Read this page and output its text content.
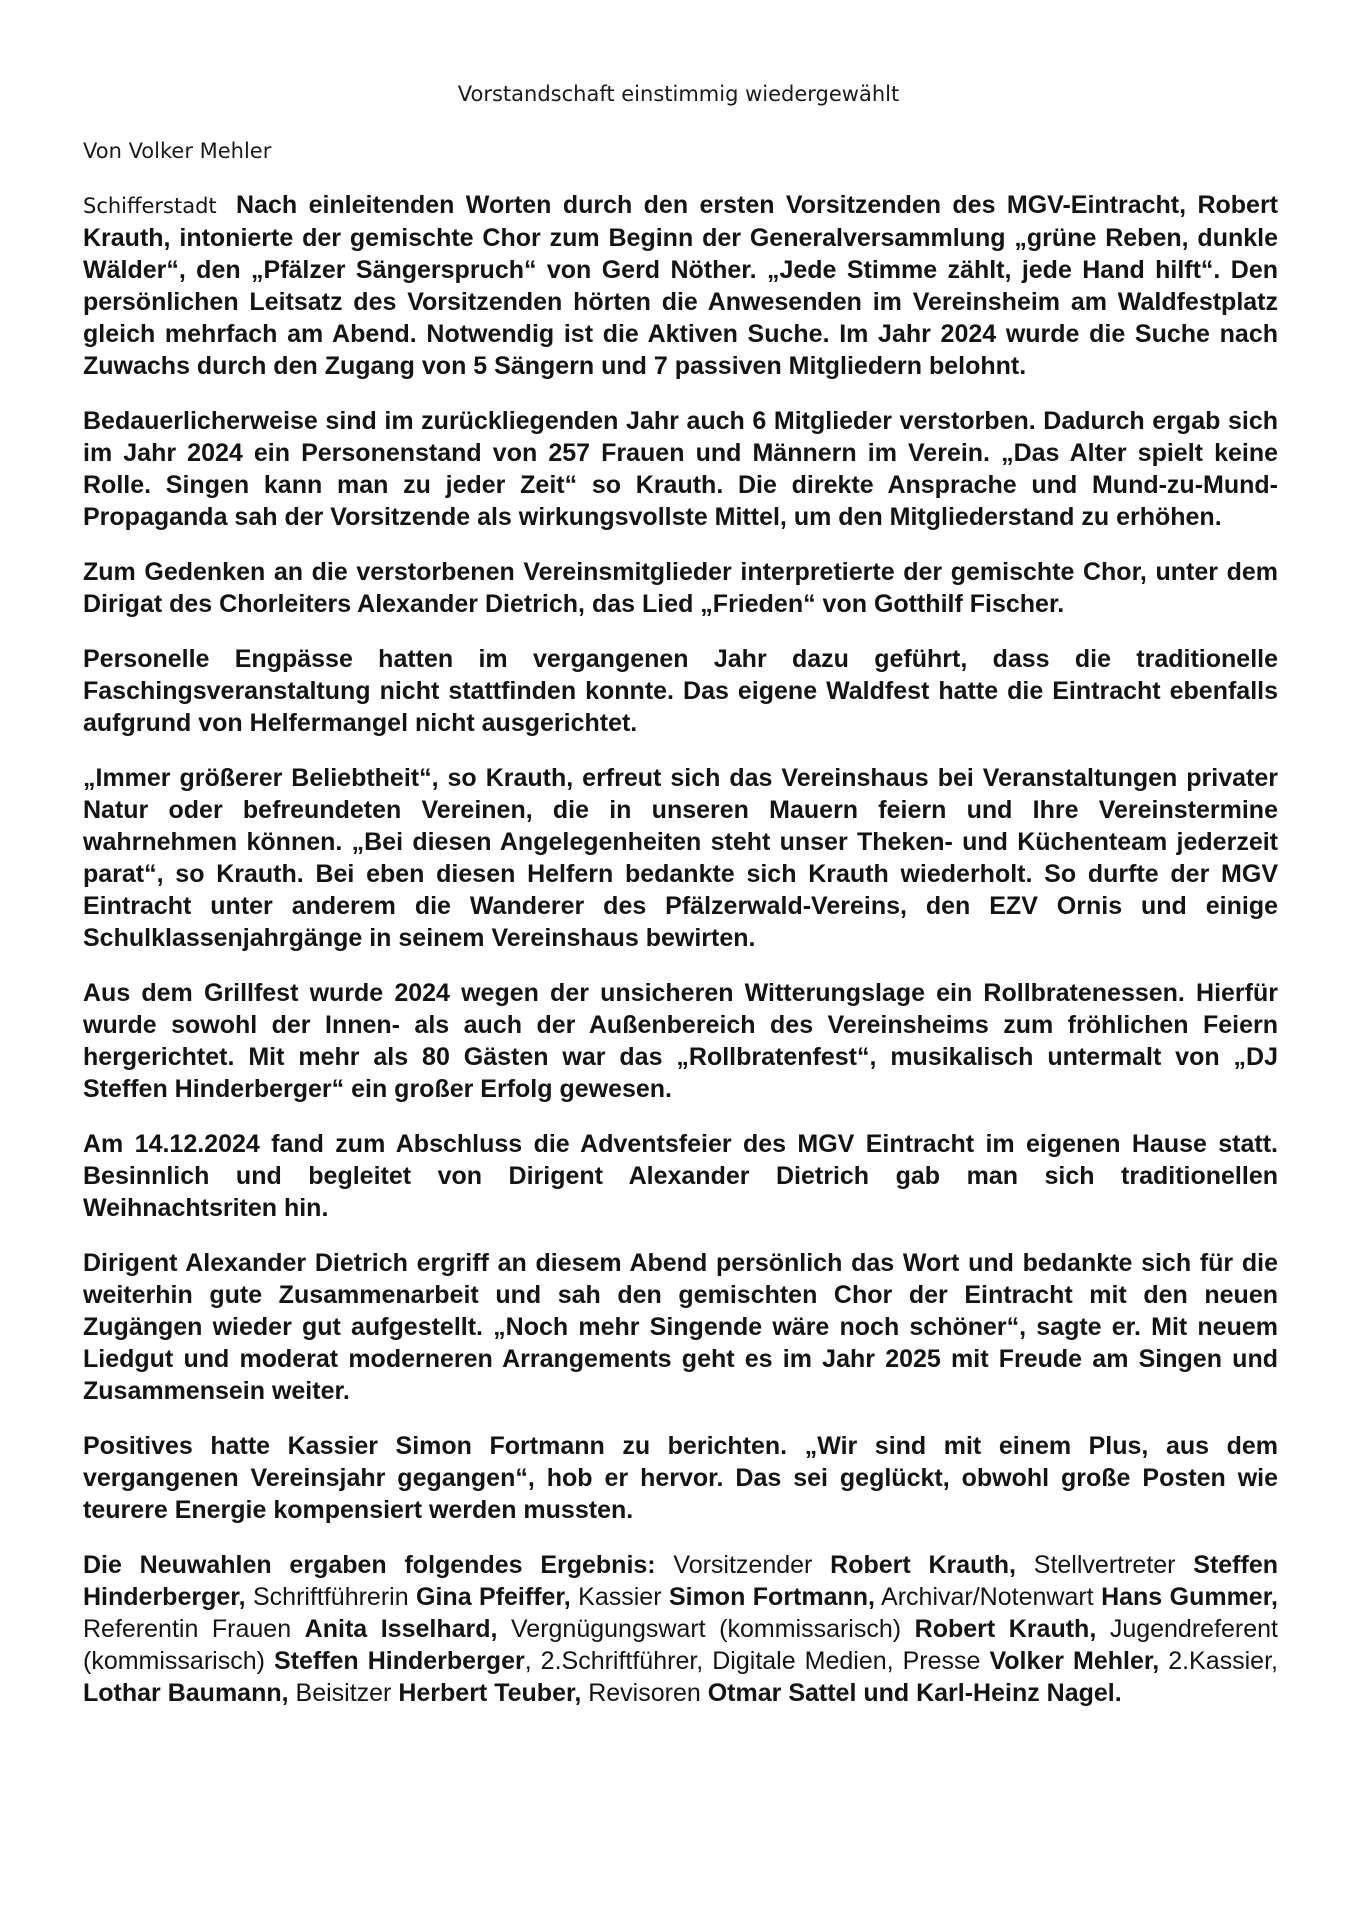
Vorstandschaft einstimmig wiedergewählt
Von Volker Mehler

Schifferstadt Nach einleitenden Worten durch den ersten Vorsitzenden des MGV-Eintracht, Robert Krauth, intonierte der gemischte Chor zum Beginn der Generalversammlung „grüne Reben, dunkle Wälder“, den „Pfälzer Sängerspruch“ von Gerd Nöther. „Jede Stimme zählt, jede Hand hilft“. Den persönlichen Leitsatz des Vorsitzenden hörten die Anwesenden im Vereinsheim am Waldfestplatz gleich mehrfach am Abend. Notwendig ist die Aktiven Suche. Im Jahr 2024 wurde die Suche nach Zuwachs durch den Zugang von 5 Sängern und 7 passiven Mitgliedern belohnt.

Bedauerlicherweise sind im zurückliegenden Jahr auch 6 Mitglieder verstorben. Dadurch ergab sich im Jahr 2024 ein Personenstand von 257 Frauen und Männern im Verein. „Das Alter spielt keine Rolle. Singen kann man zu jeder Zeit“ so Krauth. Die direkte Ansprache und Mund-zu-Mund-Propaganda sah der Vorsitzende als wirkungsvollste Mittel, um den Mitgliederstand zu erhöhen.

Zum Gedenken an die verstorbenen Vereinsmitglieder interpretierte der gemischte Chor, unter dem Dirigat des Chorleiters Alexander Dietrich, das Lied „Frieden“ von Gotthilf Fischer.

Personelle Engpässe hatten im vergangenen Jahr dazu geführt, dass die traditionelle Faschingsveranstaltung nicht stattfinden konnte. Das eigene Waldfest hatte die Eintracht ebenfalls aufgrund von Helfermangel nicht ausgerichtet.

„Immer größerer Beliebtheit“, so Krauth, erfreut sich das Vereinshaus bei Veranstaltungen privater Natur oder befreundeten Vereinen, die in unseren Mauern feiern und Ihre Vereinstermine wahrnehmen können. „Bei diesen Angelegenheiten steht unser Theken- und Küchenteam jederzeit parat“, so Krauth. Bei eben diesen Helfern bedankte sich Krauth wiederholt. So durfte der MGV Eintracht unter anderem die Wanderer des Pfälzerwald-Vereins, den EZV Ornis und einige Schulklassenjahrgänge in seinem Vereinshaus bewirten.

Aus dem Grillfest wurde 2024 wegen der unsicheren Witterungslage ein Rollbratenessen. Hierfür wurde sowohl der Innen- als auch der Außenbereich des Vereinsheims zum fröhlichen Feiern hergerichtet. Mit mehr als 80 Gästen war das „Rollbratenfest“, musikalisch untermalt von „DJ Steffen Hinderberger“ ein großer Erfolg gewesen.

Am 14.12.2024 fand zum Abschluss die Adventsfeier des MGV Eintracht im eigenen Hause statt. Besinnlich und begleitet von Dirigent Alexander Dietrich gab man sich traditionellen Weihnachtsriten hin.

Dirigent Alexander Dietrich ergriff an diesem Abend persönlich das Wort und bedankte sich für die weiterhin gute Zusammenarbeit und sah den gemischten Chor der Eintracht mit den neuen Zugängen wieder gut aufgestellt. „Noch mehr Singende wäre noch schöner“, sagte er. Mit neuem Liedgut und moderat moderneren Arrangements geht es im Jahr 2025 mit Freude am Singen und Zusammensein weiter.

Positives hatte Kassier Simon Fortmann zu berichten. „Wir sind mit einem Plus, aus dem vergangenen Vereinsjahr gegangen“, hob er hervor. Das sei geglückt, obwohl große Posten wie teurere Energie kompensiert werden mussten.

Die Neuwahlen ergaben folgendes Ergebnis: Vorsitzender Robert Krauth, Stellvertreter Steffen Hinderberger, Schriftführerin Gina Pfeiffer, Kassier Simon Fortmann, Archivar/Notenwart Hans Gummer, Referentin Frauen Anita Isselhard, Vergnügungswart (kommissarisch) Robert Krauth, Jugendreferent (kommissarisch) Steffen Hinderberger, 2.Schriftführer, Digitale Medien, Presse Volker Mehler, 2.Kassier, Lothar Baumann, Beisitzer Herbert Teuber, Revisoren Otmar Sattel und Karl-Heinz Nagel.
